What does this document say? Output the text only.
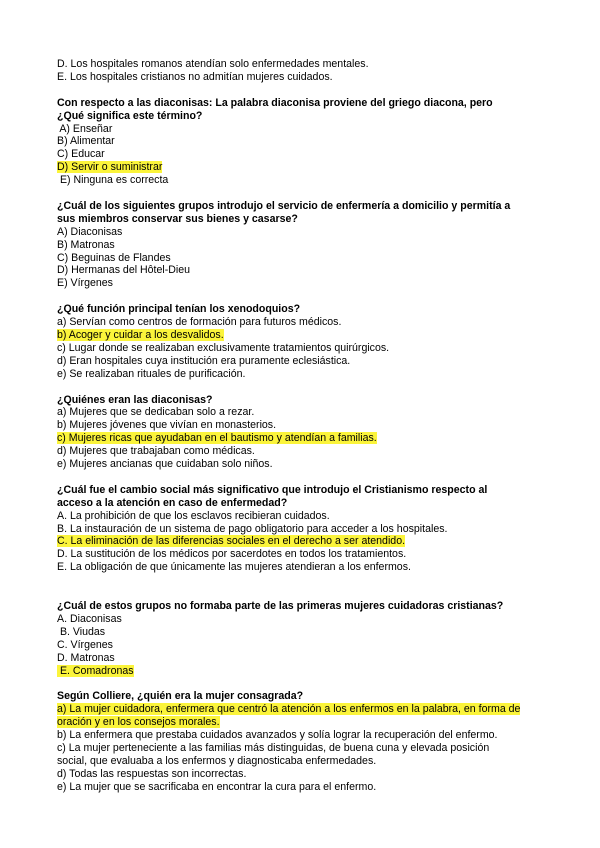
D. Los hospitales romanos atendían solo enfermedades mentales.
E. Los hospitales cristianos no admitían mujeres cuidados.
Con respecto a las diaconisas: La palabra diaconisa proviene del griego diacona, pero
¿Qué significa este término?
A) Enseñar
B) Alimentar
C) Educar
D) Servir o suministrar
E) Ninguna es correcta
¿Cuál de los siguientes grupos introdujo el servicio de enfermería a domicilio y permitía a
sus miembros conservar sus bienes y casarse?
A) Diaconisas
B) Matronas
C) Beguinas de Flandes
D) Hermanas del Hôtel-Dieu
E) Vírgenes
¿Qué función principal tenían los xenodoquios?
a) Servían como centros de formación para futuros médicos.
b) Acoger y cuidar a los desvalidos.
c) Lugar donde se realizaban exclusivamente tratamientos quirúrgicos.
d) Eran hospitales cuya institución era puramente eclesiástica.
e) Se realizaban rituales de purificación.
¿Quiénes eran las diaconisas?
a) Mujeres que se dedicaban solo a rezar.
b) Mujeres jóvenes que vivían en monasterios.
c) Mujeres ricas que ayudaban en el bautismo y atendían a familias.
d) Mujeres que trabajaban como médicas.
e) Mujeres ancianas que cuidaban solo niños.
¿Cuál fue el cambio social más significativo que introdujo el Cristianismo respecto al
acceso a la atención en caso de enfermedad?
A. La prohibición de que los esclavos recibieran cuidados.
B. La instauración de un sistema de pago obligatorio para acceder a los hospitales.
C. La eliminación de las diferencias sociales en el derecho a ser atendido.
D. La sustitución de los médicos por sacerdotes en todos los tratamientos.
E. La obligación de que únicamente las mujeres atendieran a los enfermos.
¿Cuál de estos grupos no formaba parte de las primeras mujeres cuidadoras cristianas?
A. Diaconisas
B. Viudas
C. Vírgenes
D. Matronas
E. Comadronas
Según Colliere, ¿quién era la mujer consagrada?
a) La mujer cuidadora, enfermera que centró la atención a los enfermos en la palabra, en forma de
oración y en los consejos morales.
b) La enfermera que prestaba cuidados avanzados y solía lograr la recuperación del enfermo.
c) La mujer perteneciente a las familias más distinguidas, de buena cuna y elevada posición
social, que evaluaba a los enfermos y diagnosticaba enfermedades.
d) Todas las respuestas son incorrectas.
e) La mujer que se sacrificaba en encontrar la cura para el enfermo.
